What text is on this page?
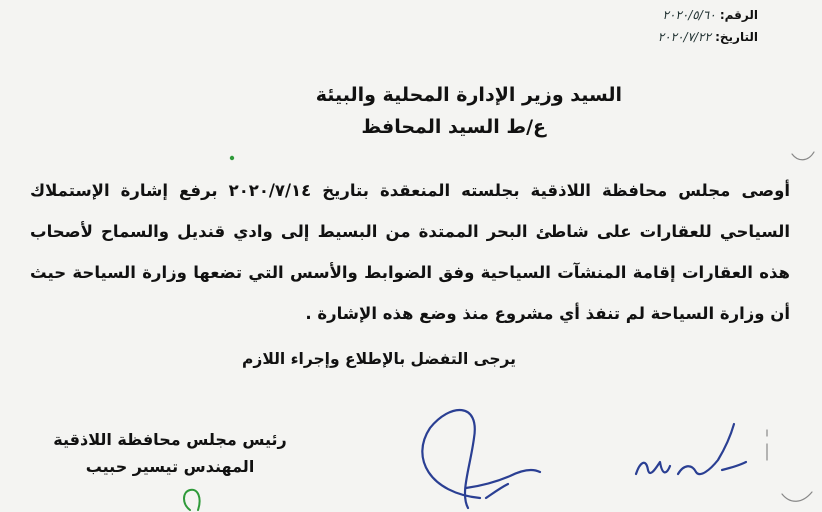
الرقم: ٢٠٢٠/٥/٦٠
التاريخ: ٢٠٢٠/٧/٢٢
السيد وزير الإدارة المحلية والبيئة
ع/ط السيد المحافظ

أوصى مجلس محافظة اللاذقية بجلسته المنعقدة بتاريخ ٢٠٢٠/٧/١٤ برفع إشارة الإستملاك السياحي للعقارات على شاطئ البحر الممتدة من البسيط إلى وادي قنديل والسماح لأصحاب هذه العقارات إقامة المنشآت السياحية وفق الضوابط والأسس التي تضعها وزارة السياحة حيث أن وزارة السياحة لم تنفذ أي مشروع منذ وضع هذه الإشارة .

يرجى التفضل بالإطلاع وإجراء اللازم
رئيس مجلس محافظة اللاذقية
المهندس تيسير حبيب
